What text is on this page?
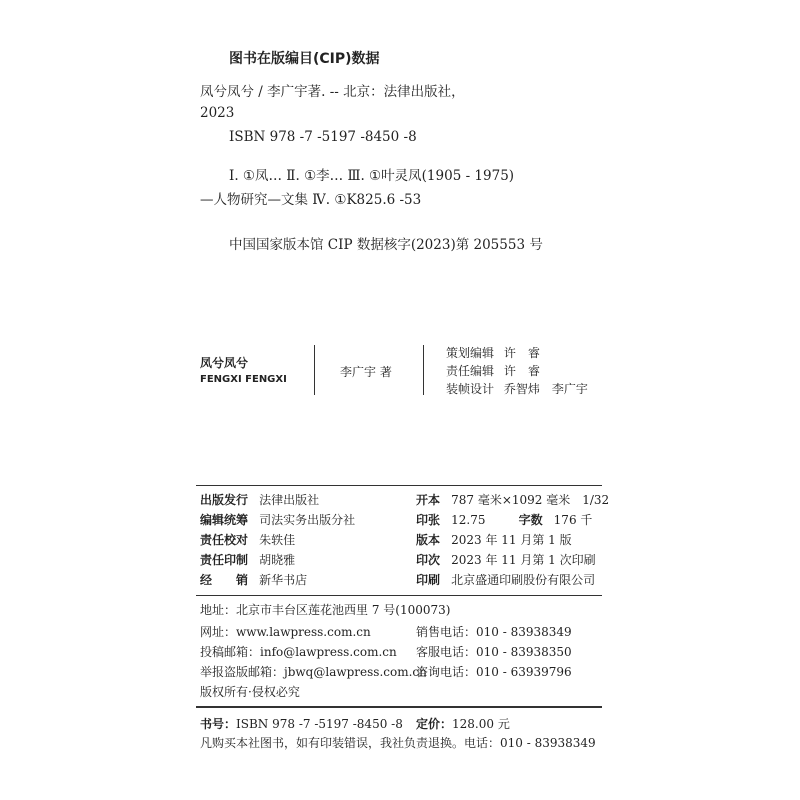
图书在版编目(CIP)数据
凤兮凤兮 / 李广宇著. -- 北京：法律出版社，
2023
ISBN 978 -7 -5197 -8450 -8
Ⅰ. ①凤… Ⅱ. ①李… Ⅲ. ①叶灵凤(1905 - 1975)
—人物研究—文集 Ⅳ. ①K825.6 -53
中国国家版本馆 CIP 数据核字(2023)第 205553 号
凤兮凤兮
FENGXI FENGXI
李广宇 著
策划编辑 许　睿
责任编辑 许　睿
装帧设计 乔智炜　李广宇
出版发行 法律出版社
编辑统筹 司法实务出版分社
责任校对 朱轶佳
责任印制 胡晓雅
经　　销 新华书店
开本 787 毫米×1092 毫米　1/32
印张 12.75	字数 176 千
版本 2023 年 11 月第 1 版
印次 2023 年 11 月第 1 次印刷
印刷 北京盛通印刷股份有限公司
地址：北京市丰台区莲花池西里 7 号(100073)
网址：www.lawpress.com.cn	销售电话：010 - 83938349
投稿邮箱：info@lawpress.com.cn 客服电话：010 - 83938350
举报盗版邮箱：jbwq@lawpress.com.cn
咨询电话：010 - 63939796
版权所有·侵权必究
书号：ISBN 978 -7 -5197 -8450 -8 定价：128.00 元
凡购买本社图书，如有印装错误，我社负责退换。电话：010 - 83938349
